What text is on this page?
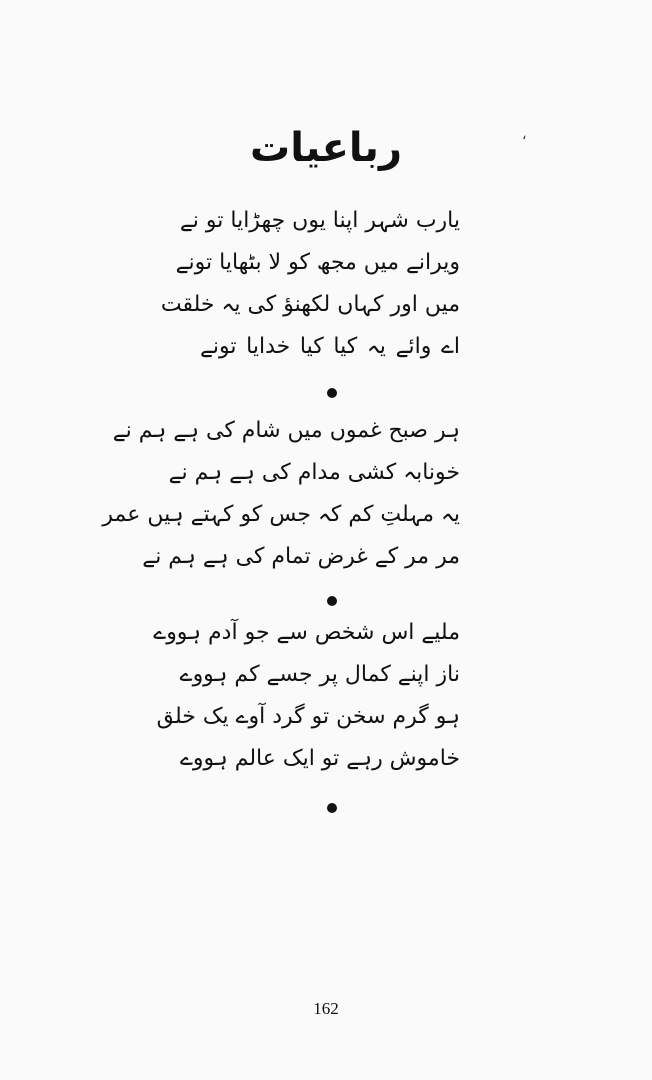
،
رباعیات
یارب شہر اپنا یوں چھڑایا تو نے
ویرانے میں مجھ کو لا بٹھایا تونے
میں اور کہاں لکھنؤ کی یہ خلقت
اے وائے یہ کیا کیا خدایا تونے
ہر صبح غموں میں شام کی ہے ہم نے
خونابہ کشی مدام کی ہے ہم نے
یہ مہلتِ کم کہ جس کو کہتے ہیں عمر
مر مر کے غرض تمام کی ہے ہم نے
ملیے اس شخص سے جو آدم ہووے
ناز اپنے کمال پر جسے کم ہووے
ہو گرم سخن تو گرد آوے یک خلق
خاموش رہے تو ایک عالم ہووے
162
